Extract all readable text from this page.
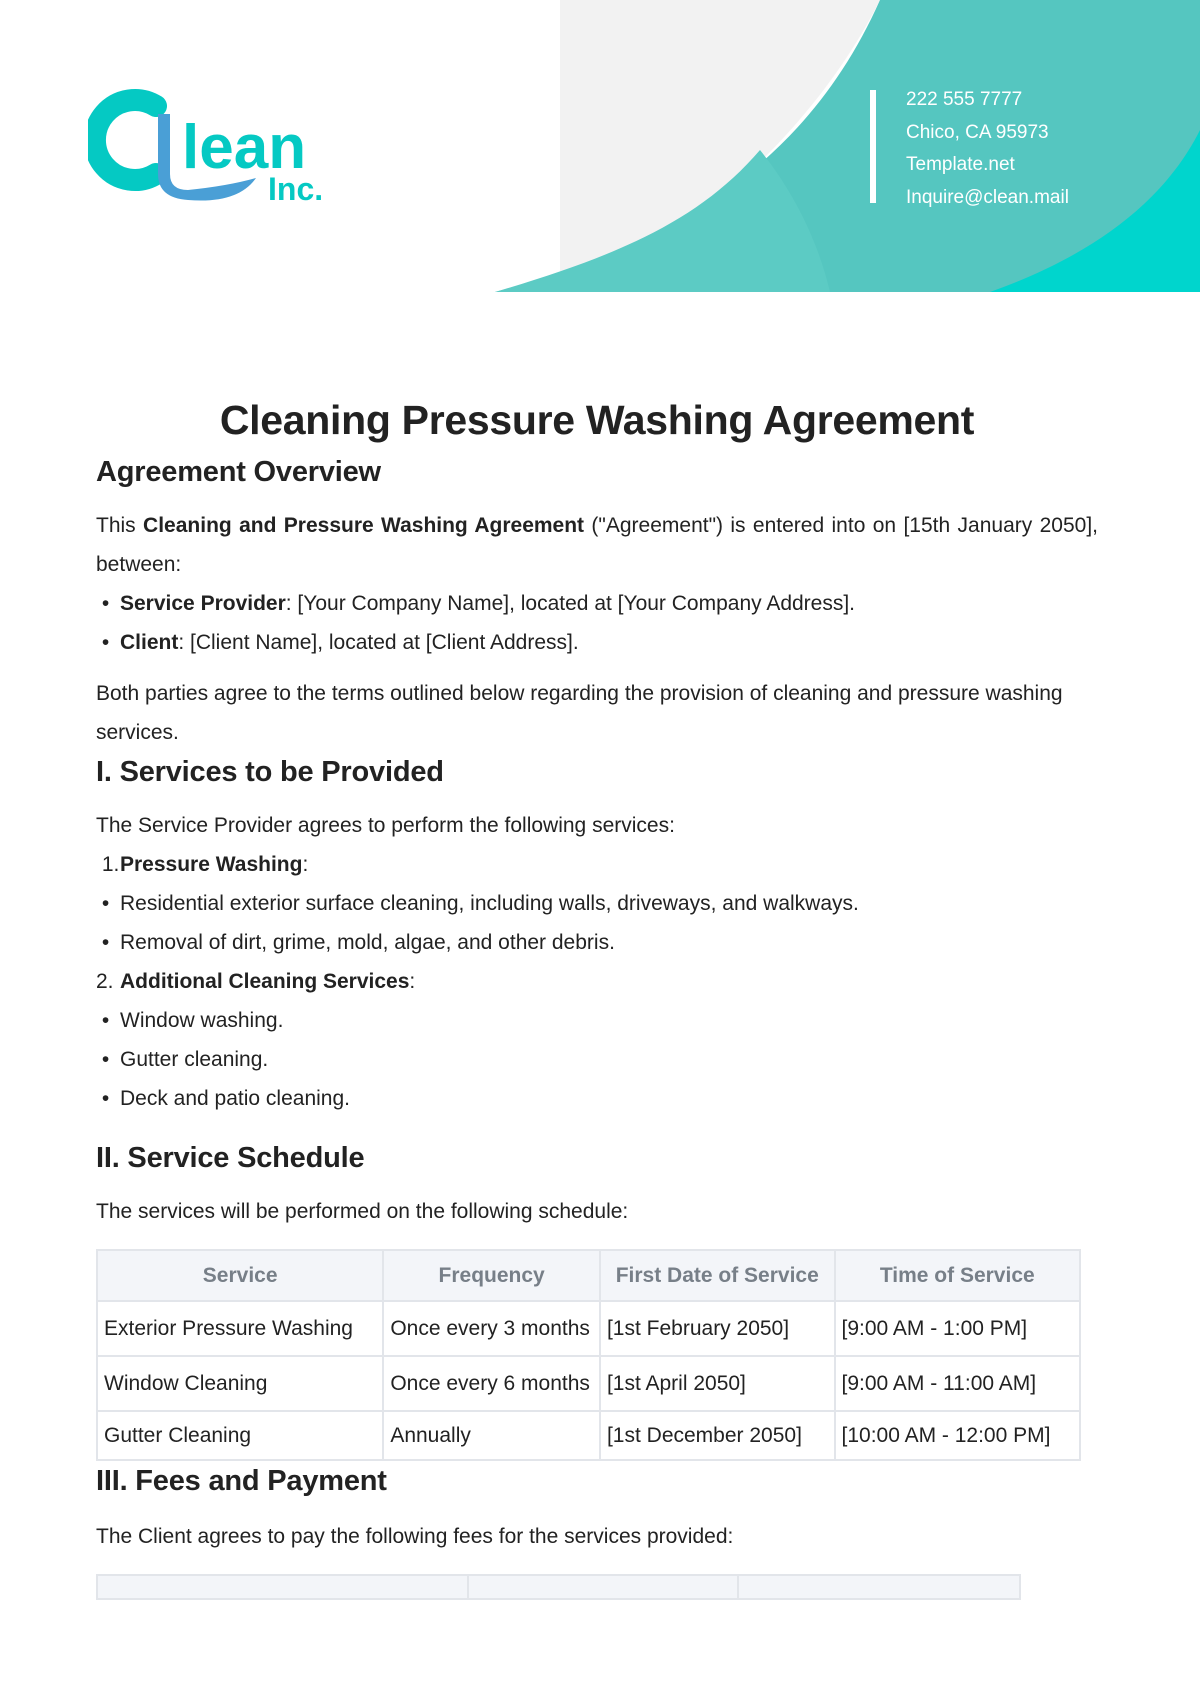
lean
Inc.
222 555 7777
Chico, CA 95973
Template.net
Inquire@clean.mail
Cleaning Pressure Washing Agreement
Agreement Overview

This Cleaning and Pressure Washing Agreement ("Agreement") is entered into on [15th January 2050], between:

• Service Provider: [Your Company Name], located at [Your Company Address].
• Client: [Client Name], located at [Client Address].

Both parties agree to the terms outlined below regarding the provision of cleaning and pressure washing services.

I. Services to be Provided

The Service Provider agrees to perform the following services:

1.Pressure Washing:
• Residential exterior surface cleaning, including walls, driveways, and walkways.
• Removal of dirt, grime, mold, algae, and other debris.
2. Additional Cleaning Services:
• Window washing.
• Gutter cleaning.
• Deck and patio cleaning.
II. Service Schedule

The services will be performed on the following schedule:

Service	Frequency	First Date of Service	Time of Service
Exterior Pressure Washing	Once every 3 months	[1st February 2050]	[9:00 AM - 1:00 PM]
Window Cleaning	Once every 6 months	[1st April 2050]	[9:00 AM - 11:00 AM]
Gutter Cleaning	Annually	[1st December 2050]	[10:00 AM - 12:00 PM]
III. Fees and Payment

The Client agrees to pay the following fees for the services provided:
